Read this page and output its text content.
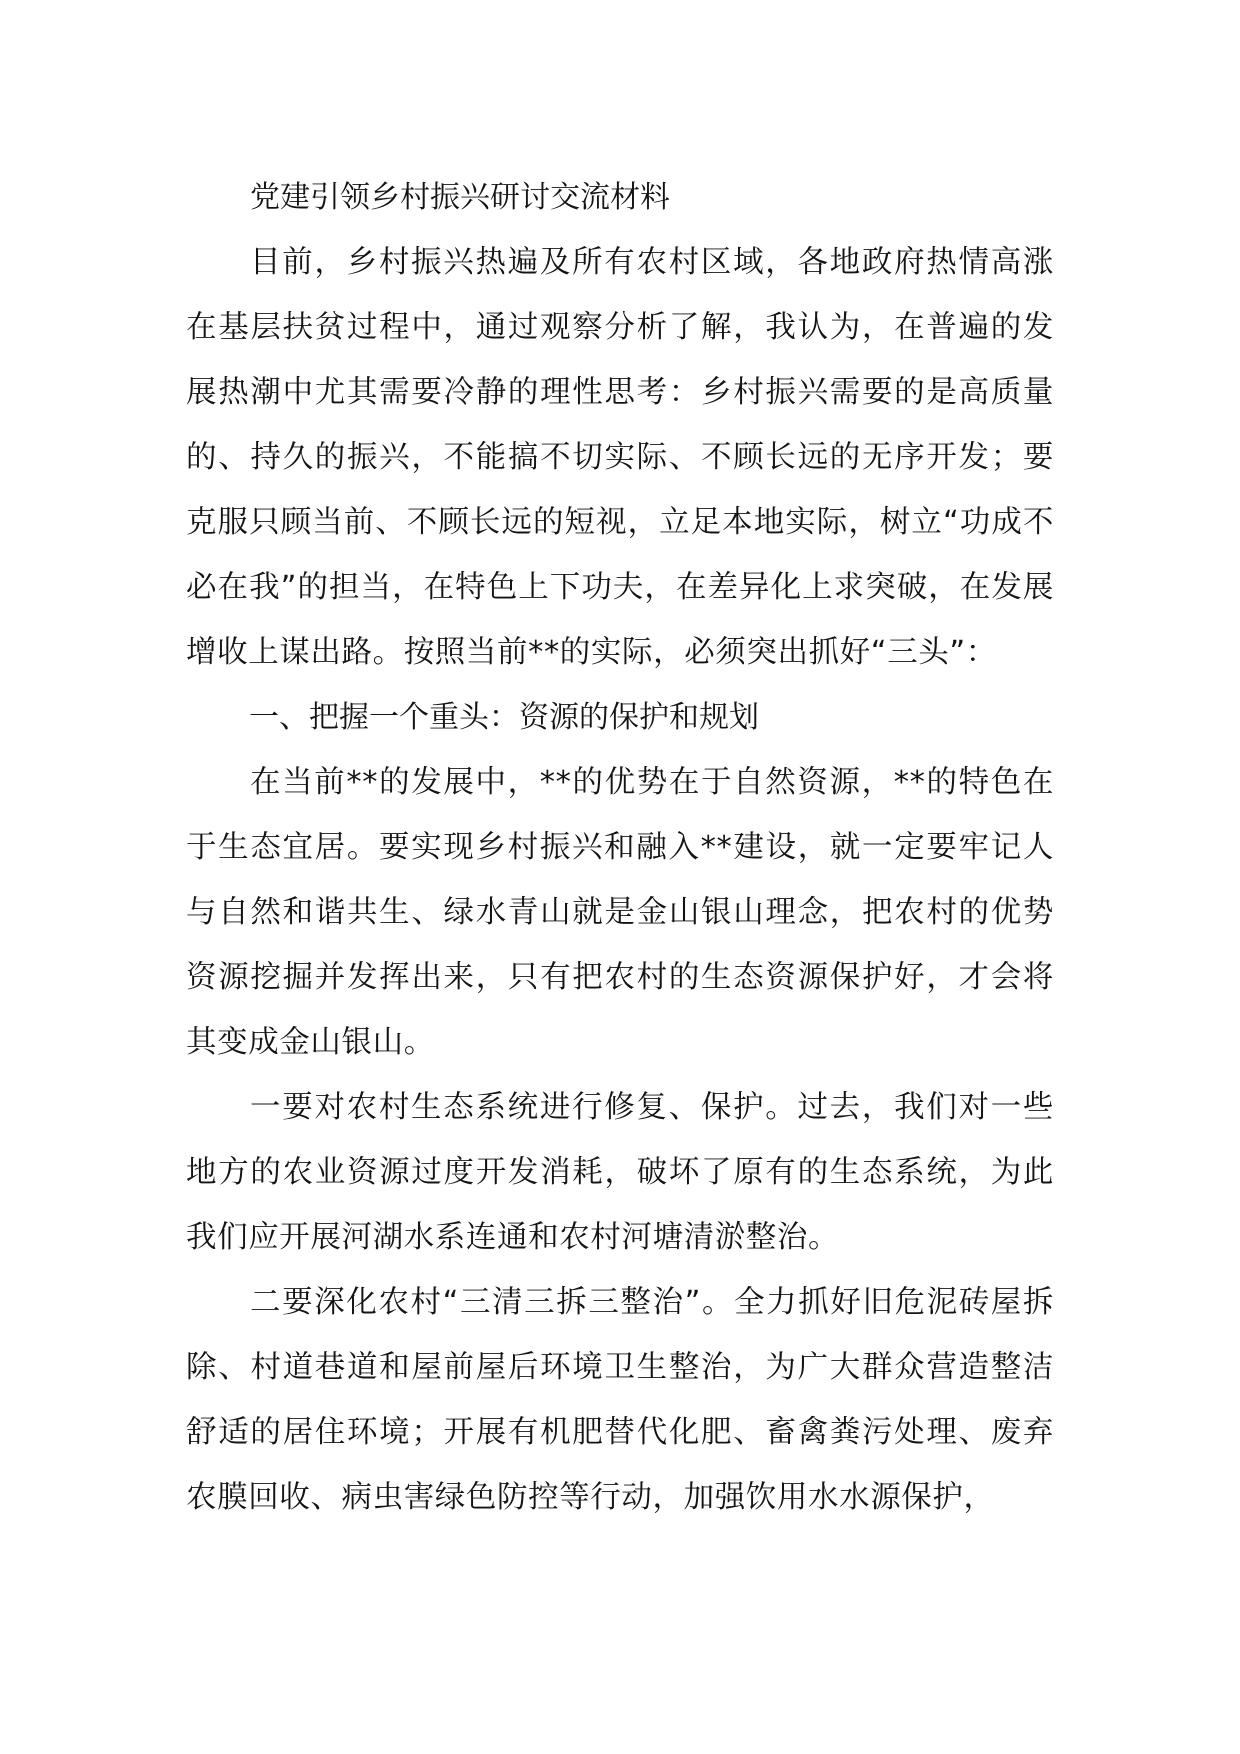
党建引领乡村振兴研讨交流材料

目前，乡村振兴热遍及所有农村区域，各地政府热情高涨在基层扶贫过程中，通过观察分析了解，我认为，在普遍的发展热潮中尤其需要冷静的理性思考：乡村振兴需要的是高质量的、持久的振兴，不能搞不切实际、不顾长远的无序开发；要克服只顾当前、不顾长远的短视，立足本地实际，树立“功成不必在我”的担当，在特色上下功夫，在差异化上求突破，在发展增收上谋出路。按照当前**的实际，必须突出抓好“三头”：

一、把握一个重头：资源的保护和规划

在当前**的发展中，**的优势在于自然资源，**的特色在于生态宜居。要实现乡村振兴和融入**建设，就一定要牢记人与自然和谐共生、绿水青山就是金山银山理念，把农村的优势资源挖掘并发挥出来，只有把农村的生态资源保护好，才会将其变成金山银山。

一要对农村生态系统进行修复、保护。过去，我们对一些地方的农业资源过度开发消耗，破坏了原有的生态系统，为此我们应开展河湖水系连通和农村河塘清淤整治。

二要深化农村“三清三拆三整治”。全力抓好旧危泥砖屋拆除、村道巷道和屋前屋后环境卫生整治，为广大群众营造整洁舒适的居住环境；开展有机肥替代化肥、畜禽粪污处理、废弃农膜回收、病虫害绿色防控等行动，加强饮用水水源保护，
